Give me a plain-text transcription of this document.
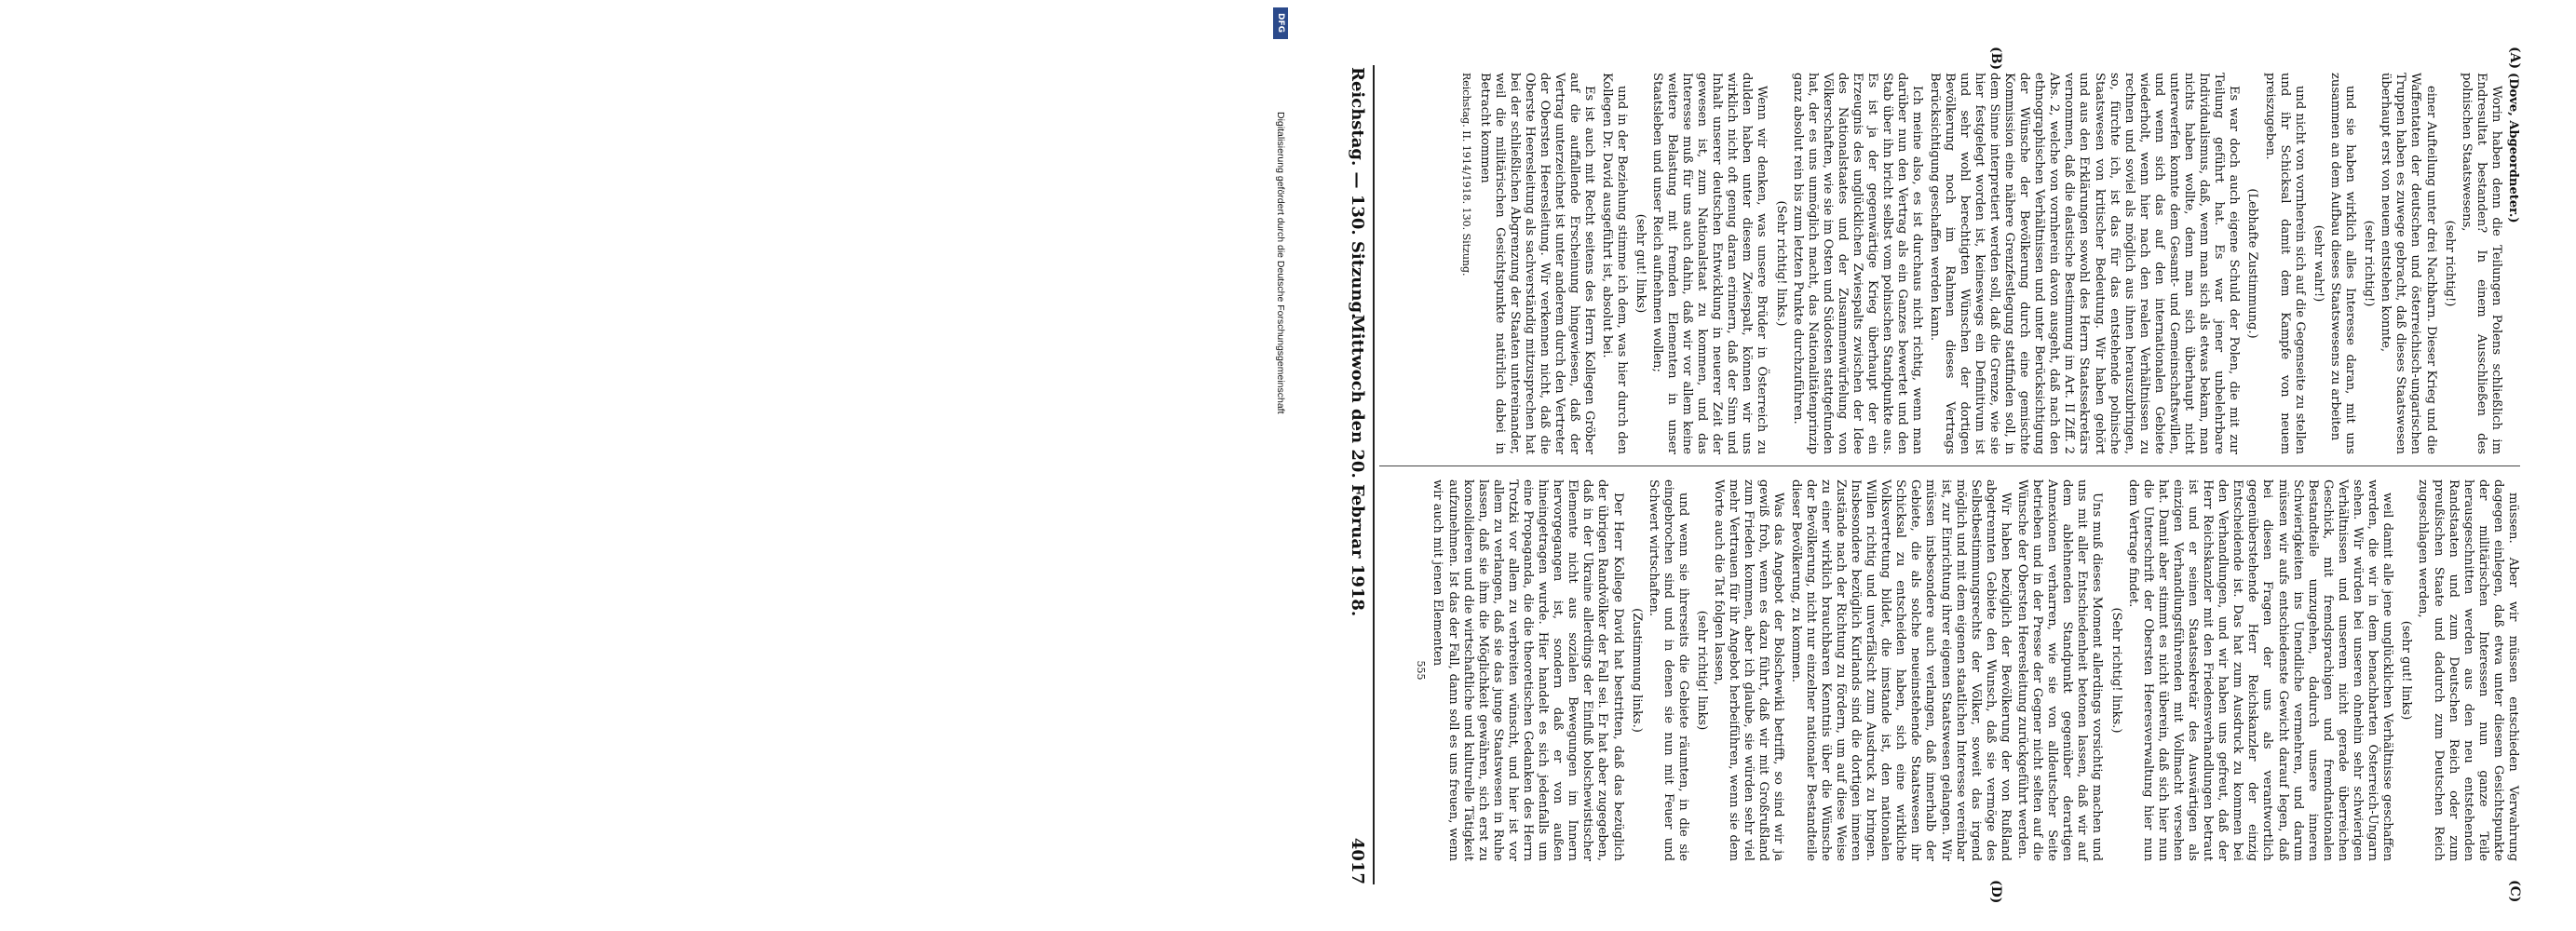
Reichstag. — 130. Sitzung.
Mittwoch den 20. Februar 1918.
4017
(A)
(B)
(C)
(D)

(Dove, Abgeordneter.)

Worin haben denn die Teilungen Polens schließlich im Endresultat bestanden? In einem Ausschließen des polnischen Staatswesens,

(sehr richtig!)

einer Aufteilung unter drei Nachbarn. Dieser Krieg und die Waffentaten der deutschen und österreichisch-ungarischen Truppen haben es zuwege gebracht, daß dieses Staatswesen überhaupt erst von neuem entstehen konnte,

(sehr richtig!)

und sie haben wirklich alles Interesse daran, mit uns zusammen an dem Aufbau dieses Staatswesens zu arbeiten

(sehr wahr!)

und nicht von vornherein sich auf die Gegenseite zu stellen und ihr Schicksal damit dem Kampfe von neuem preiszugeben.

(Lebhafte Zustimmung.)

Es war doch auch eigene Schuld der Polen, die mit zur Teilung geführt hat. Es war jener unbelehrbare Individualismus, daß, wenn man sich als etwas bekam, man nichts haben wollte, denn man sich überhaupt nicht unterwerfen konnte dem Gesamt- und Gemeinschaftswillen, und wenn sich das auf den internationalen Gebiete wiederholt, wenn hier nach den realen Verhältnissen zu rechnen und soviel als möglich aus ihnen herauszubringen, so, fürchte ich, ist das für das entstehende polnische Staatswesen von kritischer Bedeutung. Wir haben gehört und aus den Erklärungen sowohl des Herrn Staatssekretärs vernommen, daß die elastische Bestimmung im Art. II Ziff. 2 Abs. 2, welche von vornherein davon ausgeht, daß nach den ethnographischen Verhältnissen und unter Berücksichtigung der Wünsche der Bevölkerung durch eine gemischte Kommission eine nähere Grenzfestlegung stattfinden soll, in dem Sinne interpretiert werden soll, daß die Grenze, wie sie hier festgelegt worden ist, keineswegs ein Definitivum ist und sehr wohl berechtigten Wünschen der dortigen Bevölkerung noch im Rahmen dieses Vertrags Berücksichtigung geschaffen werden kann.

Ich meine also, es ist durchaus nicht richtig, wenn man darüber nun den Vertrag als ein Ganzes bewertet und den Stab über ihn bricht selbst vom polnischen Standpunkte aus. Es ist ja der gegenwärtige Krieg überhaupt der ein Erzeugnis des unglücklichen Zwiespalts zwischen der Idee des Nationalstaates und der Zusammenwürfelung von Völkerschaften, wie sie im Osten und Südosten stattgefunden hat, der es uns unmöglich macht, das Nationalitätenprinzip ganz absolut rein bis zum letzten Punkte durchzuführen.

(Sehr richtig! links.)

Wenn wir denken, was unsere Brüder in Österreich zu dulden haben unter diesem Zwiespalt, können wir uns wirklich nicht oft genug daran erinnern, daß der Sinn und Inhalt unserer deutschen Entwicklung in neuerer Zeit der gewesen ist, zum Nationalstaat zu kommen, und das Interesse muß für uns auch dahin, daß wir vor allem keine weitere Belastung mit fremden Elementen in unser Staatsleben und unser Reich aufnehmen wollen;

(sehr gut! links)

und in der Beziehung stimme ich dem, was hier durch den Kollegen Dr. David ausgeführt ist, absolut bei.

Es ist auch mit Recht seitens des Herrn Kollegen Gröber auf die auffallende Erscheinung hingewiesen, daß der Vertrag unterzeichnet ist unter anderem durch den Vertreter der Obersten Heeresleitung. Wir verkennen nicht, daß die Oberste Heeresleitung als sachverständig mitzusprechen hat bei der schließlichen Abgrenzung der Staaten untereinander, weil die militärischen Gesichtspunkte natürlich dabei in Betracht kommen

Reichstag. II. 1914/1918. 130. Sitzung.

müssen. Aber wir müssen entschieden Verwahrung dagegen einlegen, daß etwa unter diesem Gesichtspunkte der militärischen Interessen nun ganze Teile herausgeschnitten werden aus den neu entstehenden Randstaaten und zum Deutschen Reich oder zum preußischen Staate und dadurch zum Deutschen Reich zugeschlagen werden,

(sehr gut! links)

weil damit alle jene unglücklichen Verhältnisse geschaffen werden, die wir in dem benachbarten Österreich-Ungarn sehen. Wir würden bei unseren ohnehin sehr schwierigen Verhältnissen und unserem nicht gerade überreichen Geschick, mit fremdsprachigen und fremdnationalen Bestandteile umzugehen, dadurch unsere inneren Schwierigkeiten ins Unendliche vermehren, und darum müssen wir aufs entschiedenste Gewicht darauf legen, daß bei diesen Fragen der uns als verantwortlich gegenüberstehende Herr Reichskanzler der einzig Entscheidende ist. Das hat zum Ausdruck zu kommen bei den Verhandlungen, und wir haben uns gefreut, daß der Herr Reichskanzler mit den Friedensverhandlungen betraut ist und er seinen Staatssekretär des Auswärtigen als einzigen Verhandlungsführenden mit Vollmacht versehen hat. Damit aber stimmt es nicht überein, daß sich hier nun die Unterschrift der Obersten Heeresverwaltung hier nun dem Vertrage findet.

(Sehr richtig! links.)

Uns muß dieses Moment allerdings vorsichtig machen und uns mit aller Entschiedenheit betonen lassen, daß wir auf dem ablehnenden Standpunkt gegenüber derartigen Annexionen verharren, wie sie von alldeutscher Seite betrieben und in der Presse der Gegner nicht selten auf die Wünsche der Obersten Heeresleitung zurückgeführt werden.

Wir haben bezüglich der Bevölkerung der von Rußland abgetrennten Gebiete den Wunsch, daß sie vermöge des Selbstbestimmungsrechts der Völker, soweit das irgend möglich und mit dem eigenen staatlichen Interesse vereinbar ist, zur Einrichtung ihrer eigenen Staatswesen gelangen. Wir müssen insbesondere auch verlangen, daß innerhalb der Gebiete, die als solche neueinstehende Staatswesen ihr Schicksal zu entscheiden haben, sich eine wirkliche Volksvertretung bildet, die imstande ist, den nationalen Willen richtig und unverfälscht zum Ausdruck zu bringen. Insbesondere bezüglich Kurlands sind die dortigen inneren Zustände nach der Richtung zu fördern, um auf diese Weise zu einer wirklich brauchbaren Kenntnis über die Wünsche der Bevölkerung, nicht nur einzelner nationaler Bestandteile dieser Bevölkerung, zu kommen.

Was das Angebot der Bolschewiki betrifft, so sind wir ja gewiß froh, wenn es dazu führt, daß wir mit Großrußland zum Frieden kommen, aber ich glaube, sie würden sehr viel mehr Vertrauen für ihr Angebot herbeiführen, wenn sie dem Worte auch die Tat folgen lassen,

(sehr richtig! links)

und wenn sie ihrerseits die Gebiete räumten, in die sie eingebrochen sind und in denen sie nun mit Feuer und Schwert wirtschaften.

(Zustimmung links.)

Der Herr Kollege David hat bestritten, daß das bezüglich der übrigen Randvölker der Fall sei. Er hat aber zugegeben, daß in der Ukraine allerdings der Einfluß bolschewistischer Elemente nicht aus sozialen Bewegungen im Innern hervorgegangen ist, sondern daß er von außen hineingetragen wurde. Hier handelt es sich jedenfalls um eine Propaganda, die die theoretischen Gedanken des Herrn Trotzki vor allem zu verbreiten wünscht, und hier ist vor allem zu verlangen, daß sie das junge Staatswesen in Ruhe lassen, daß sie ihm die Möglichkeit gewähren, sich erst zu konsolidieren und die wirtschaftliche und kulturelle Tätigkeit aufzunehmen. Ist das der Fall, dann soll es uns freuen, wenn wir auch mit jenen Elementen

555

DFG
Digitalisierung gefördert durch die Deutsche Forschungsgemeinschaft
